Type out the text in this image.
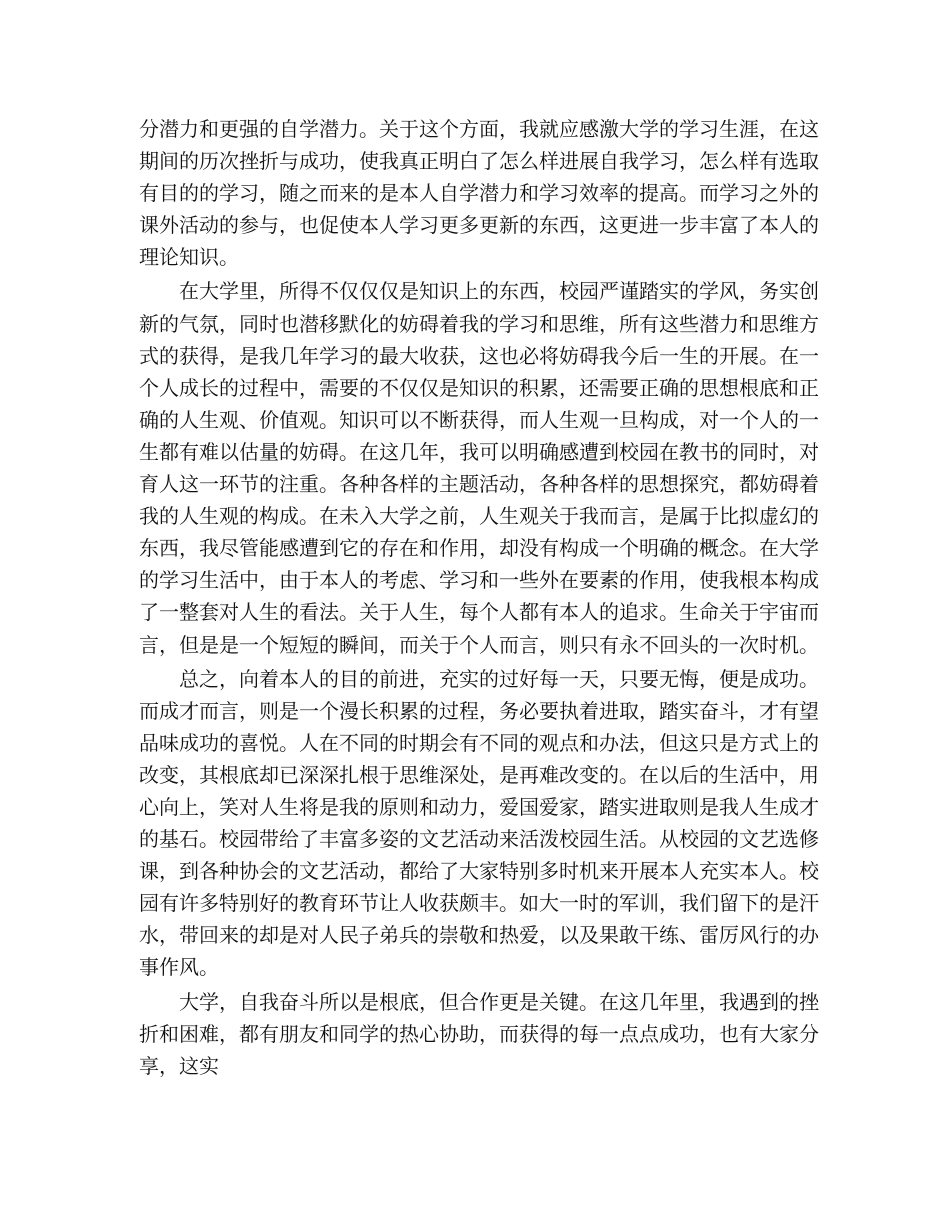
分潜力和更强的自学潜力。关于这个方面，我就应感激大学的学习生涯，在这期间的历次挫折与成功，使我真正明白了怎么样进展自我学习，怎么样有选取有目的的学习，随之而来的是本人自学潜力和学习效率的提高。而学习之外的课外活动的参与，也促使本人学习更多更新的东西，这更进一步丰富了本人的理论知识。

在大学里，所得不仅仅仅是知识上的东西，校园严谨踏实的学风，务实创新的气氛，同时也潜移默化的妨碍着我的学习和思维，所有这些潜力和思维方式的获得，是我几年学习的最大收获，这也必将妨碍我今后一生的开展。在一个人成长的过程中，需要的不仅仅是知识的积累，还需要正确的思想根底和正确的人生观、价值观。知识可以不断获得，而人生观一旦构成，对一个人的一生都有难以估量的妨碍。在这几年，我可以明确感遭到校园在教书的同时，对育人这一环节的注重。各种各样的主题活动，各种各样的思想探究，都妨碍着我的人生观的构成。在未入大学之前，人生观关于我而言，是属于比拟虚幻的东西，我尽管能感遭到它的存在和作用，却没有构成一个明确的概念。在大学的学习生活中，由于本人的考虑、学习和一些外在要素的作用，使我根本构成了一整套对人生的看法。关于人生，每个人都有本人的追求。生命关于宇宙而言，但是是一个短短的瞬间，而关于个人而言，则只有永不回头的一次时机。

总之，向着本人的目的前进，充实的过好每一天，只要无悔，便是成功。而成才而言，则是一个漫长积累的过程，务必要执着进取，踏实奋斗，才有望品味成功的喜悦。人在不同的时期会有不同的观点和办法，但这只是方式上的改变，其根底却已深深扎根于思维深处，是再难改变的。在以后的生活中，用心向上，笑对人生将是我的原则和动力，爱国爱家，踏实进取则是我人生成才的基石。校园带给了丰富多姿的文艺活动来活泼校园生活。从校园的文艺选修课，到各种协会的文艺活动，都给了大家特别多时机来开展本人充实本人。校园有许多特别好的教育环节让人收获颇丰。如大一时的军训，我们留下的是汗水，带回来的却是对人民子弟兵的崇敬和热爱，以及果敢干练、雷厉风行的办事作风。

大学，自我奋斗所以是根底，但合作更是关键。在这几年里，我遇到的挫折和困难，都有朋友和同学的热心协助，而获得的每一点点成功，也有大家分享，这实
